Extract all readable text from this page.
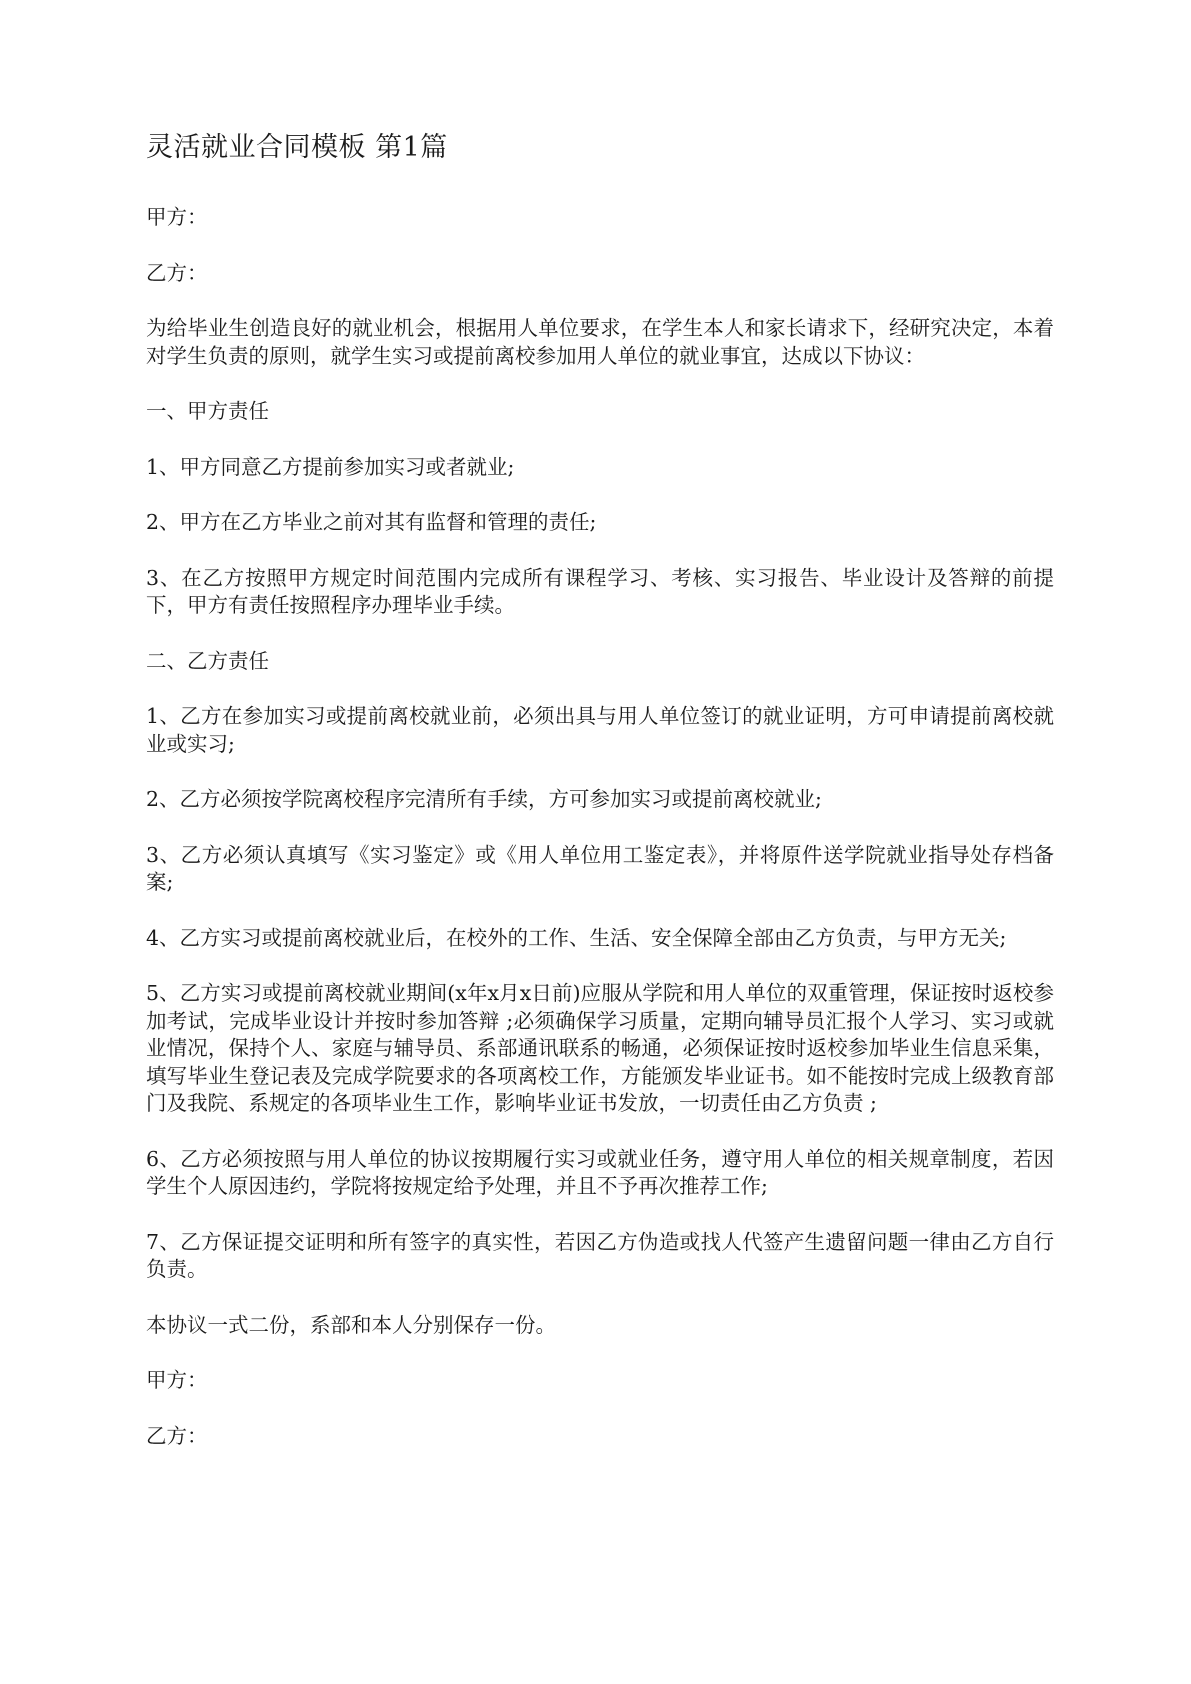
灵活就业合同模板 第1篇

甲方：

乙方：

为给毕业生创造良好的就业机会，根据用人单位要求，在学生本人和家长请求下，经研究决定，本着对学生负责的原则，就学生实习或提前离校参加用人单位的就业事宜，达成以下协议：

一、甲方责任

1、甲方同意乙方提前参加实习或者就业;

2、甲方在乙方毕业之前对其有监督和管理的责任;

3、在乙方按照甲方规定时间范围内完成所有课程学习、考核、实习报告、毕业设计及答辩的前提下，甲方有责任按照程序办理毕业手续。

二、乙方责任

1、乙方在参加实习或提前离校就业前，必须出具与用人单位签订的就业证明，方可申请提前离校就业或实习;

2、乙方必须按学院离校程序完清所有手续，方可参加实习或提前离校就业;

3、乙方必须认真填写《实习鉴定》或《用人单位用工鉴定表》，并将原件送学院就业指导处存档备案;

4、乙方实习或提前离校就业后，在校外的工作、生活、安全保障全部由乙方负责，与甲方无关;

5、乙方实习或提前离校就业期间(x年x月x日前)应服从学院和用人单位的双重管理，保证按时返校参加考试，完成毕业设计并按时参加答辩 ;必须确保学习质量，定期向辅导员汇报个人学习、实习或就业情况，保持个人、家庭与辅导员、系部通讯联系的畅通，必须保证按时返校参加毕业生信息采集，填写毕业生登记表及完成学院要求的各项离校工作，方能颁发毕业证书。如不能按时完成上级教育部门及我院、系规定的各项毕业生工作，影响毕业证书发放，一切责任由乙方负责 ;

6、乙方必须按照与用人单位的协议按期履行实习或就业任务，遵守用人单位的相关规章制度，若因学生个人原因违约，学院将按规定给予处理，并且不予再次推荐工作;

7、乙方保证提交证明和所有签字的真实性，若因乙方伪造或找人代签产生遗留问题一律由乙方自行负责。

本协议一式二份，系部和本人分别保存一份。

甲方：

乙方：
